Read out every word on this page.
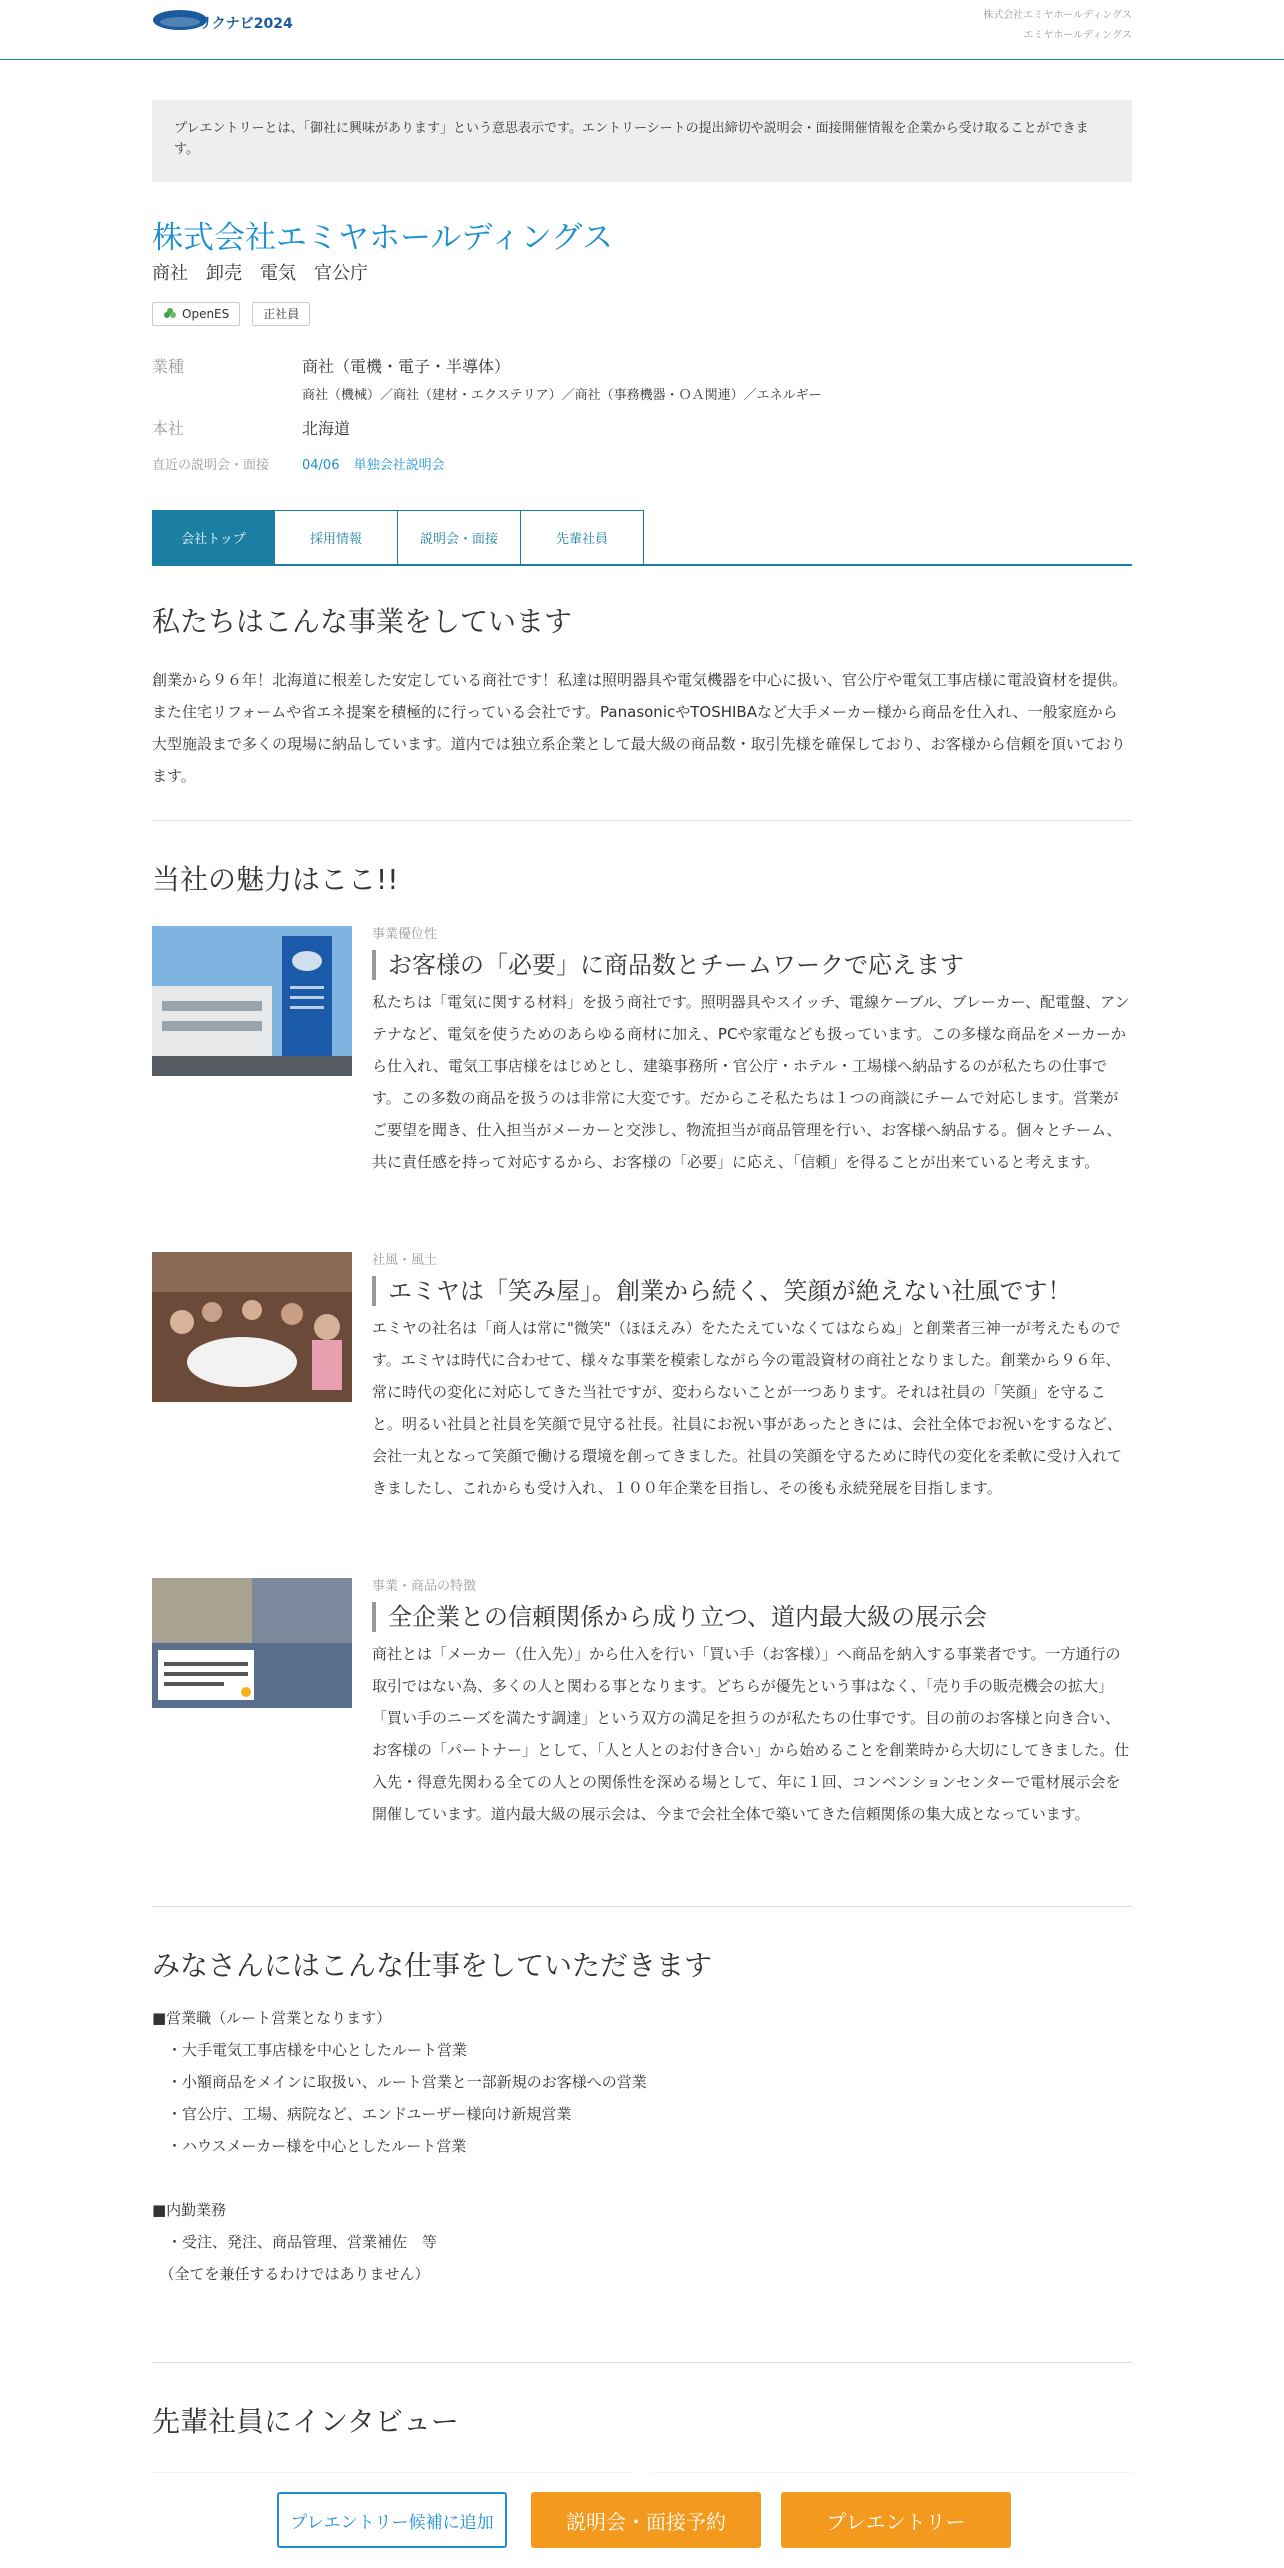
リクナビ2024
株式会社エミヤホールディングス
エミヤホールディングス
プレエントリーとは、「御社に興味があります」という意思表示です。エントリーシートの提出締切や説明会・面接開催情報を企業から受け取ることができます。
株式会社エミヤホールディングス
商社　卸売　電気　官公庁
OpenES	正社員
業種	商社（電機・電子・半導体）
商社（機械）／商社（建材・エクステリア）／商社（事務機器・ＯＡ関連）／エネルギー
本社	北海道
直近の説明会・面接	04/06 単独会社説明会
会社トップ	採用情報	説明会・面接	先輩社員
私たちはこんな事業をしています

創業から９６年！北海道に根差した安定している商社です！私達は照明器具や電気機器を中心に扱い、官公庁や電気工事店様に電設資材を提供。また住宅リフォームや省エネ提案を積極的に行っている会社です。PanasonicやTOSHIBAなど大手メーカー様から商品を仕入れ、一般家庭から大型施設まで多くの現場に納品しています。道内では独立系企業として最大級の商品数・取引先様を確保しており、お客様から信頼を頂いております。

当社の魅力はここ!!
事業優位性
お客様の「必要」に商品数とチームワークで応えます

私たちは「電気に関する材料」を扱う商社です。照明器具やスイッチ、電線ケーブル、ブレーカー、配電盤、アンテナなど、電気を使うためのあらゆる商材に加え、PCや家電なども扱っています。この多様な商品をメーカーから仕入れ、電気工事店様をはじめとし、建築事務所・官公庁・ホテル・工場様へ納品するのが私たちの仕事です。この多数の商品を扱うのは非常に大変です。だからこそ私たちは１つの商談にチームで対応します。営業がご要望を聞き、仕入担当がメーカーと交渉し、物流担当が商品管理を行い、お客様へ納品する。個々とチーム、共に責任感を持って対応するから、お客様の「必要」に応え、「信頼」を得ることが出来ていると考えます。

社風・風土
エミヤは「笑み屋」。創業から続く、笑顔が絶えない社風です！

エミヤの社名は「商人は常に"微笑"（ほほえみ）をたたえていなくてはならぬ」と創業者三神一が考えたものです。エミヤは時代に合わせて、様々な事業を模索しながら今の電設資材の商社となりました。創業から９６年、常に時代の変化に対応してきた当社ですが、変わらないことが一つあります。それは社員の「笑顔」を守ること。明るい社員と社員を笑顔で見守る社長。社員にお祝い事があったときには、会社全体でお祝いをするなど、会社一丸となって笑顔で働ける環境を創ってきました。社員の笑顔を守るために時代の変化を柔軟に受け入れてきましたし、これからも受け入れ、１００年企業を目指し、その後も永続発展を目指します。

事業・商品の特徴
全企業との信頼関係から成り立つ、道内最大級の展示会

商社とは「メーカー（仕入先）」から仕入を行い「買い手（お客様）」へ商品を納入する事業者です。一方通行の取引ではない為、多くの人と関わる事となります。どちらが優先という事はなく、「売り手の販売機会の拡大」「買い手のニーズを満たす調達」という双方の満足を担うのが私たちの仕事です。目の前のお客様と向き合い、お客様の「パートナー」として、「人と人とのお付き合い」から始めることを創業時から大切にしてきました。仕入先・得意先関わる全ての人との関係性を深める場として、年に１回、コンベンションセンターで電材展示会を開催しています。道内最大級の展示会は、今まで会社全体で築いてきた信頼関係の集大成となっています。

みなさんにはこんな仕事をしていただきます
■営業職（ルート営業となります）
　・大手電気工事店様を中心としたルート営業
　・小額商品をメインに取扱い、ルート営業と一部新規のお客様への営業
　・官公庁、工場、病院など、エンドユーザー様向け新規営業
　・ハウスメーカー様を中心としたルート営業
■内勤業務
　・受注、発注、商品管理、営業補佐　等
　（全てを兼任するわけではありません）
先輩社員にインタビュー
プレエントリー候補に追加	説明会・面接予約	プレエントリー
